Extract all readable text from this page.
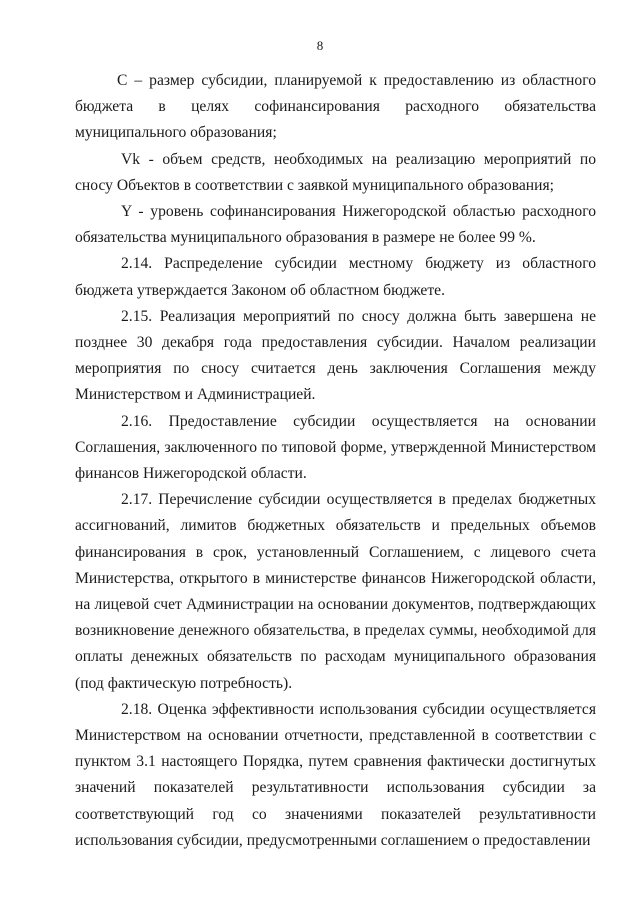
8

С – размер субсидии, планируемой к предоставлению из областного бюджета в целях софинансирования расходного обязательства муниципального образования;

Vk - объем средств, необходимых на реализацию мероприятий по сносу Объектов в соответствии с заявкой муниципального образования;

Y - уровень софинансирования Нижегородской областью расходного обязательства муниципального образования в размере не более 99 %.

2.14. Распределение субсидии местному бюджету из областного бюджета утверждается Законом об областном бюджете.

2.15. Реализация мероприятий по сносу должна быть завершена не позднее 30 декабря года предоставления субсидии. Началом реализации мероприятия по сносу считается день заключения Соглашения между Министерством и Администрацией.

2.16. Предоставление субсидии осуществляется на основании Соглашения, заключенного по типовой форме, утвержденной Министерством финансов Нижегородской области.

2.17. Перечисление субсидии осуществляется в пределах бюджетных ассигнований, лимитов бюджетных обязательств и предельных объемов финансирования в срок, установленный Соглашением, с лицевого счета Министерства, открытого в министерстве финансов Нижегородской области, на лицевой счет Администрации на основании документов, подтверждающих возникновение денежного обязательства, в пределах суммы, необходимой для оплаты денежных обязательств по расходам муниципального образования (под фактическую потребность).

2.18. Оценка эффективности использования субсидии осуществляется Министерством на основании отчетности, представленной в соответствии с пунктом 3.1 настоящего Порядка, путем сравнения фактически достигнутых значений показателей результативности использования субсидии за соответствующий год со значениями показателей результативности использования субсидии, предусмотренными соглашением о предоставлении
